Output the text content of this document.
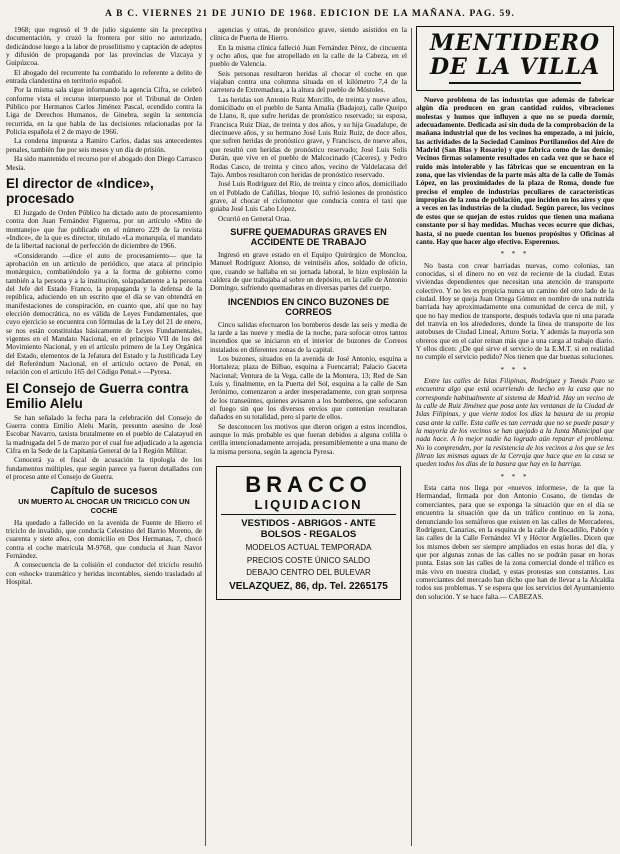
A B C. VIERNES 21 DE JUNIO DE 1968. EDICION DE LA MAÑANA. PAG. 59.

1968; que regresó el 9 de julio siguiente sin la preceptiva documentación, y cruzó la frontera por sitio no autorizado, dedicándose luego a la labor de proselitismo y captación de adeptos y difusión de propaganda por las provincias de Vizcaya y Guipúzcoa.

El abogado del recurrente ha combatido lo referente a delito de entrada clandestina en territorio español.

Por la misma sala sigue informando la agencia Cifra, se celebró conforme vista el recurso interpuesto por el Tribunal de Orden Público por Hermanos Carlos Jiménez Pascal, ecendido contra la Liga de Derechos Humanos, de Ginebra, según la sentencia recurrida, en la que habla de las decisiones relacionadas por la Policía española el 2 de mayo de 1966.

La condena impuesta a Ramiro Carlos, dadas sus antecedentes penales, también fue por seis meses y un día de prisión.

Ha sido mantenido el recurso por el abogado don Diego Carrasco Mesía.

El director de «Indice», procesado

El Juzgado de Orden Público ha dictado auto de procesamiento contra don Juan Fernández Figueroa, por un artículo «Mito de montanejo» que fue publicado en el número 229 de la revista «Indice», de la que es director, titulado «La monarquía, el mandato de la libertad nacional de perfección de diciembre de 1966.

«Considerando —dice el auto de procesamiento— que la aprobación en un artículo de periódico, que ataca al principio monárquico, combatiéndolo ya a la forma de gobierno como también a la persona y a la institución, solapadamente a la persona del Jefe del Estado Franco, la propaganda y la defensa de la república, aduciendo en un escrito que el día se van obtendrá en manifestaciones de conspiración, en cuanto que, ahí que no hay elección democrática, no es válida de Leyes Fundamentales, que cuyo ejercicio se encuentra con fórmulas de la Ley del 21 de enero, se nos están constituidas básicamente de Leyes Fundamentales, vigentes en el Mandato Nacional, en el principio VII de los del Movimiento Nacional, y en el artículo primero de la Ley Orgánica del Estado, elementos de la Jefatura del Estado y la Justificada Ley del Referéndum Nacional, en el artículo octavo de Penal, en relación con el artículo 165 del Código Penal.» —Pyresa.

El Consejo de Guerra contra Emilio Alelu

Se han señalado la fecha para la celebración del Consejo de Guerra contra Emilio Alelu Marín, presunto asesino de José Escobar Navarro, taxista brutalmente en el pueblo de Calatayud en la madrugada del 5 de marzo por el cual fue adjudicado a la agencia Cifra en la Sede de la Capitanía General de la I Región Militar.

Conocerá ya el fiscal de acusación la tipología de los fundamentos múltiples, que según parece ya fueron detallados con el proceso ante el Consejo de Guerra.

Capítulo de sucesos
UN MUERTO AL CHOCAR UN TRICICLO CON UN COCHE

Ha quedado a fallecido en la avenida de Fuente de Hierro el triciclo de invalido, que conducía Celestino del Barrio Moreno, de cuarenta y siete años, con domicilio en Dos Hermanas, 7, chocó contra el coche matrícula M-9768, que conducía el Juan Navor Fernández.

A consecuencia de la colisión el conductor del triciclo resultó con «shock» traumático y heridas incontables, siendo trasladado al Hospital.

agencias y otras, de pronóstico grave, siendo asistidos en la clínica de Puerta de Hierro.

En la misma clínica falleció Juan Fernández Pérez, de cincuenta y ocho años, que fue atropellado en la calle de la Cabeza, en el pueblo de Valencia.

Seis personas resultaron heridas al chocar el coche en que viajaban contra una columna situada en el kilómetro 7,4 de la carretera de Extremadura, a la altura del pueblo de Móstoles.

Las heridas son Antonio Ruiz Morcillo, de treinta y nueve años, domiciliado en el pueblo de Santa Amalia (Badajoz), calle Queipo de Llano, 8, que sufre heridas de pronóstico reservado; su esposa, Francisca Ruiz Díaz, de treinta y dos años, y su hija Guadalupe, de diecinueve años, y su hermano José Luis Ruiz Ruiz, de doce años, que sufren heridas de pronóstico grave, y Francisco, de nueve años, que resultó con heridas de pronóstico reservado; José Luis Solís Durán, que vive en el pueblo de Malcocinado (Cáceres), y Pedro Rodas Casco, de treinta y cinco años, vecino de Valdelacasa del Tajo. Ambos resultaron con heridas de pronóstico reservado.

José Luis Rodríguez del Río, de treinta y cinco años, domiciliado en el Poblado de Cañillas, bloque 10, sufrió lesiones de pronóstico grave, al chocar el ciclomotor que conducía contra el taxi que guiaba José Luis Cabo López.

Ocurrió en General Oraa.

SUFRE QUEMADURAS GRAVES EN ACCIDENTE DE TRABAJO

Ingresó en grave estado en el Equipo Quirúrgico de Moncloa, Manuel Rodríguez Alonso, de veintiséis años, soldado de oficio, que, cuando se hallaba en su jornada laboral, le hizo explosión la caldera de que trabajaba al sobre un depósito, en la calle de Antonio Domingo, sufriendo quemaduras en diversas partes del cuerpo.

INCENDIOS EN CINCO BUZONES DE CORREOS

Cinco salidas efectuaron los bomberos desde las seis y media de la tarde a las nueve y media de la noche, para sofocar otros tantos incendios que se iniciaron en el interior de buzones de Correos instalados en diferentes zonas de la capital.

Los buzones, situados en la avenida de José Antonio, esquina a Hortaleza; plaza de Bilbao, esquina a Fuencarral; Palacio Gaceta Nacional; Ventura de la Vega, calle de la Montera, 13; Red de San Luis y, finalmente, en la Puerta del Sol, esquina a la calle de San Jerónimo, comenzaron a arder inesperadamente, con gran sorpresa de los transeúntes, quienes avisaron a los bomberos, que sofocaron el fuego sin que los diversos envíos que contenían resultaran dañados en su totalidad, pero sí parte de ellos.

Se desconocen los motivos que dieron origen a estos incendios, aunque lo más probable es que fueran debidos a alguna colilla o cerilla intencionadamente arrojada, presumiblemente a una mano de la misma persona, según la agencia Pyresa.

BRACCO
LIQUIDACION
VESTIDOS - ABRIGOS - ANTE
BOLSOS - REGALOS
MODELOS ACTUAL TEMPORADA
PRECIOS COSTE ÚNICO SALDO
DEBAJO CENTRO DEL BULEVAR
VELAZQUEZ, 86, dp. Tel. 2265175
MENTIDERO
DE LA VILLA

Nuevo problema de las industrias que además de fabricar algún día producen en gran cantidad ruidos, vibraciones molestas y humos que influyen a que no se pueda dormir, adecuadamente. Dedicada así sin duda de la comprobación de la mañana industrial que de los vecinos ha empezado, a mi juicio, las actividades de la Sociedad Caminos Portilaneños del Aire de Madrid (San Blas y Rosario) y que fabrica como de las demás; Vecinos firmas solamente resultados en cada vez que se hace el ruido más intolerable y las fábricas que se encuentran en la zona, que las viviendas de la parte más alta de la calle de Tomás López, en las proximidades de la plaza de Roma, donde fue preciso el empleo de industrias peculiares de características impropias de la zona de población, que inciden en los aires y que a veces en las industrias de la ciudad. Según parece, los vecinos de estos que se quejan de estos ruidos que tienen una mañana constante por si hay medidas. Muchas veces ocurre que dichas, hasta, si no puede cuentan los buenos propósitos y Oficinas al canto. Hay que hacer algo efectivo. Esperemos.

* * *

No basta con crear barriadas nuevas, como colonias, tan conocidas, si el dinero no en vez de reciente de la ciudad. Estas viviendas dependientes que necesitan una atención de transporte colectivo. Y no les es propicia nunca un camino del otro lado de la ciudad. Hoy se queja Juan Ortega Gómez en nombre de una nutrida barriada hay aproximadamente una comunidad de cerca de mil, y que no hay medios de transporte, después todavía que ni una parada del tranvía en los alrededores, donde la línea de transporte de los autobuses de Ciudad Lineal, Arturo Soria. Y además la mayoría son obreros que en el calor reinan más que a una carga al trabajo diario. Y ellos dicen: ¿De qué sirve el servicio de la E.M.T. si en realidad no cumple el servicio pedido? Nos tienen que dar buenas soluciones.

* * *

Entre las calles de Islas Filipinas, Rodríguez y Tomás Pozo se encuentra algo que está ocurriendo de hecho en la casa que no corresponde habitualmente al sistema de Madrid. Hay un vecino de la calle de Ruiz Jiménez que posa ante las ventanas de la Ciudad de Islas Filipinas, y que vierte todos los días la basura de su propia casa ante la calle. Esta calle es tan cerrada que no se puede pasar y la mayoría de los vecinos se han quejado a la Junta Municipal que nada hace. A lo mejor nadie ha logrado aún reparar el problema. No lo comprenden, por la resistencia de los vecinos a los que se les filtran las mismas aguas de la Cerraja que hace que en la casa se queden todos los días de la basura que hay en la barriga.

* * *

Esta carta nos llega por «nuevos informes», de la que la Hermandad, firmada por don Antonio Cosano, de tiendas de comerciantes, para que se exponga la situación que en el día se encuentra la situación que da un tráfico continuo en la zona, denunciando los semáforos que existen en las calles de Mercaderes, Rodríguez, Canarias, en la esquina de la calle de Bocadillo, Pabón y las calles de la Calle Fernández VI y Héctor Argüelles. Dicen que los mismos deben ser siempre ampliados en estas horas del día, y que por algunas zonas de las calles no se podrán pasar en horas punta. Estas son las calles de la zona comercial donde el tráfico es más vivo en nuestra ciudad, y estas protestas son constantes. Los comerciantes del mercado han dicho que han de llevar a la Alcaldía todos sus problemas. Y se espera que los servicios del Ayuntamiento den solución. Y se hace falta.— CABEZAS.
